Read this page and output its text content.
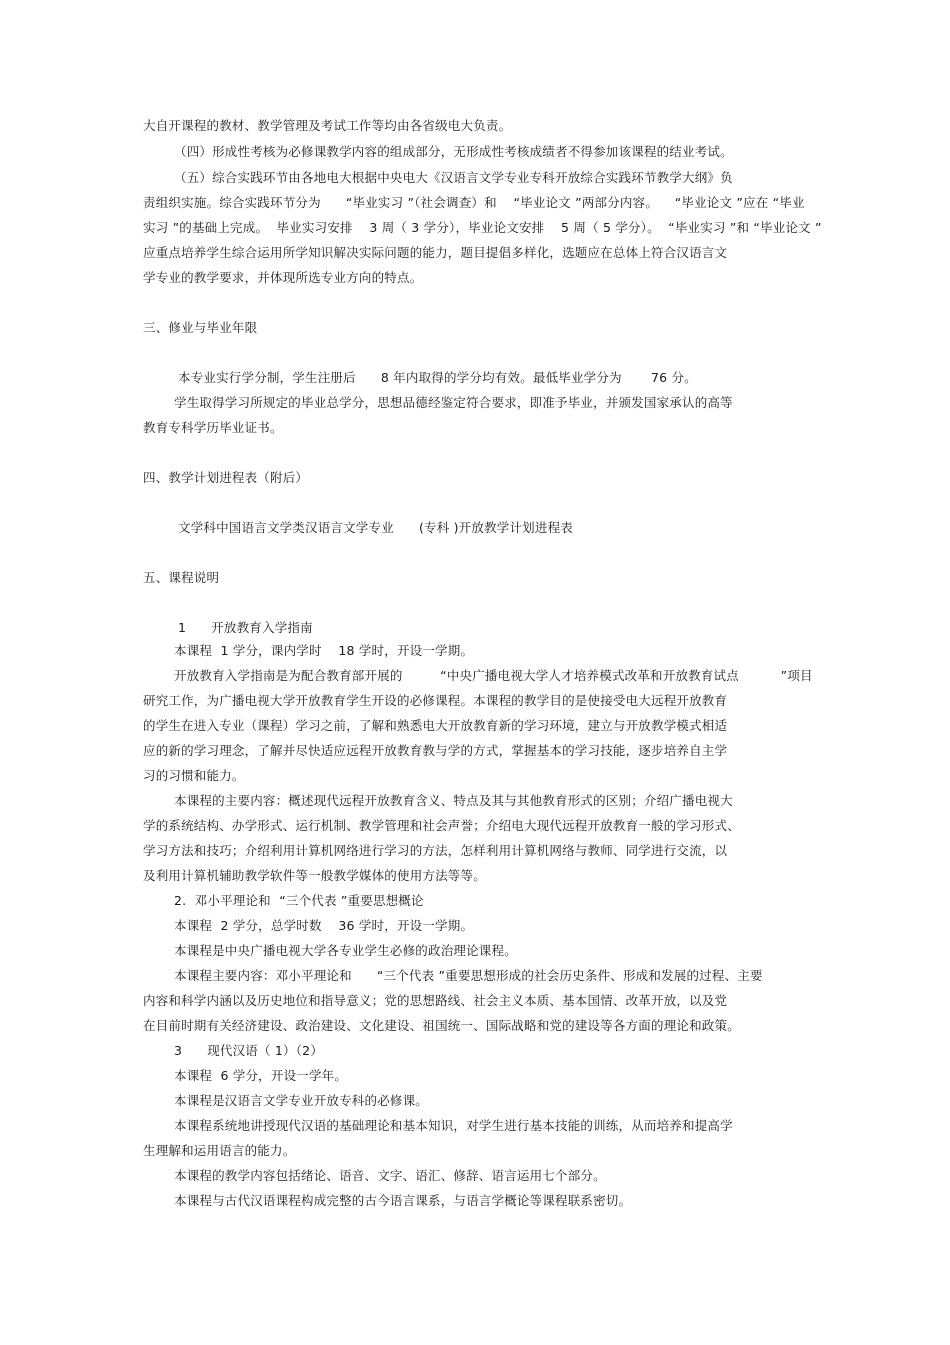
大自开课程的教材、教学管理及考试工作等均由各省级电大负责。
（四）形成性考核为必修课教学内容的组成部分，无形成性考核成绩者不得参加该课程的结业考试。
（五）综合实践环节由各地电大根据中央电大《汉语言文学专业专科开放综合实践环节教学大纲》负
责组织实施。综合实践环节分为      “毕业实习 ”（社会调查）和    “毕业论文 ”两部分内容。    “毕业论文 ”应在 “毕业
实习 ”的基础上完成。  毕业实习安排    3 周（ 3 学分），毕业论文安排    5 周（ 5 学分）。  “毕业实习 ”和 “毕业论文 ”
应重点培养学生综合运用所学知识解决实际问题的能力，题目提倡多样化，选题应在总体上符合汉语言文
学专业的教学要求，并体现所选专业方向的特点。
三、修业与毕业年限
本专业实行学分制，学生注册后      8 年内取得的学分均有效。最低毕业学分为       76 分。
学生取得学习所规定的毕业总学分，思想品德经鉴定符合要求，即准予毕业，并颁发国家承认的高等
教育专科学历毕业证书。
四、教学计划进程表（附后）
文学科中国语言文学类汉语言文学专业      (专科 )开放教学计划进程表
五、课程说明
1      开放教育入学指南
本课程  1 学分，课内学时    18 学时，开设一学期。
开放教育入学指南是为配合教育部开展的         “中央广播电视大学人才培养模式改革和开放教育试点          ”项目
研究工作，为广播电视大学开放教育学生开设的必修课程。本课程的教学目的是使接受电大远程开放教育
的学生在进入专业（课程）学习之前，了解和熟悉电大开放教育新的学习环境，建立与开放教学模式相适
应的新的学习理念，了解并尽快适应远程开放教育教与学的方式，掌握基本的学习技能，逐步培养自主学
习的习惯和能力。
本课程的主要内容：概述现代远程开放教育含义、特点及其与其他教育形式的区别；介绍广播电视大
学的系统结构、办学形式、运行机制、教学管理和社会声誉；介绍电大现代远程开放教育一般的学习形式、
学习方法和技巧；介绍利用计算机网络进行学习的方法，怎样利用计算机网络与教师、同学进行交流，以
及利用计算机辅助教学软件等一般教学媒体的使用方法等等。
2.  邓小平理论和  “三个代表 ”重要思想概论
本课程  2 学分，总学时数    36 学时，开设一学期。
本课程是中央广播电视大学各专业学生必修的政治理论课程。
本课程主要内容：邓小平理论和      “三个代表 ”重要思想形成的社会历史条件、形成和发展的过程、主要
内容和科学内涵以及历史地位和指导意义；党的思想路线、社会主义本质、基本国情、改革开放，以及党
在目前时期有关经济建设、政治建设、文化建设、祖国统一、国际战略和党的建设等各方面的理论和政策。
3      现代汉语（ 1）（2）
本课程  6 学分，开设一学年。
本课程是汉语言文学专业开放专科的必修课。
本课程系统地讲授现代汉语的基础理论和基本知识，对学生进行基本技能的训练，从而培养和提高学
生理解和运用语言的能力。
本课程的教学内容包括绪论、语音、文字、语汇、修辞、语言运用七个部分。
本课程与古代汉语课程构成完整的古今语言课系，与语言学概论等课程联系密切。
